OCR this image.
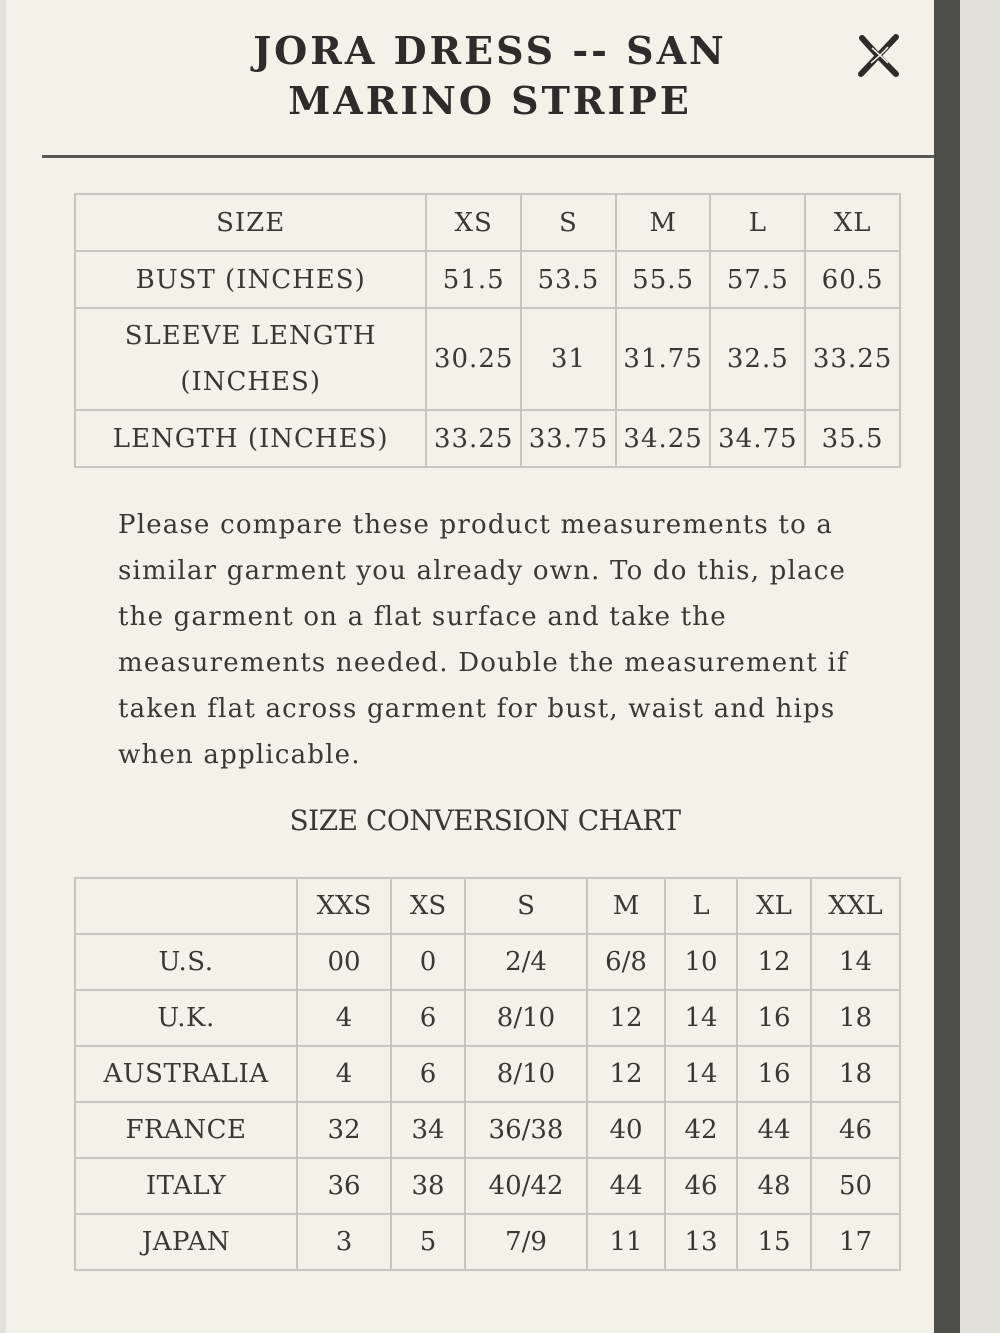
JORA DRESS -- SAN MARINO STRIPE
SIZE	XS	S	M	L	XL
BUST (INCHES)	51.5	53.5	55.5	57.5	60.5
SLEEVE LENGTH (INCHES)	30.25	31	31.75	32.5	33.25
LENGTH (INCHES)	33.25	33.75	34.25	34.75	35.5

Please compare these product measurements to a similar garment you already own. To do this, place the garment on a flat surface and take the measurements needed. Double the measurement if taken flat across garment for bust, waist and hips when applicable.

SIZE CONVERSION CHART
	XXS	XS	S	M	L	XL	XXL
U.S.	00	0	2/4	6/8	10	12	14
U.K.	4	6	8/10	12	14	16	18
AUSTRALIA	4	6	8/10	12	14	16	18
FRANCE	32	34	36/38	40	42	44	46
ITALY	36	38	40/42	44	46	48	50
JAPAN	3	5	7/9	11	13	15	17
